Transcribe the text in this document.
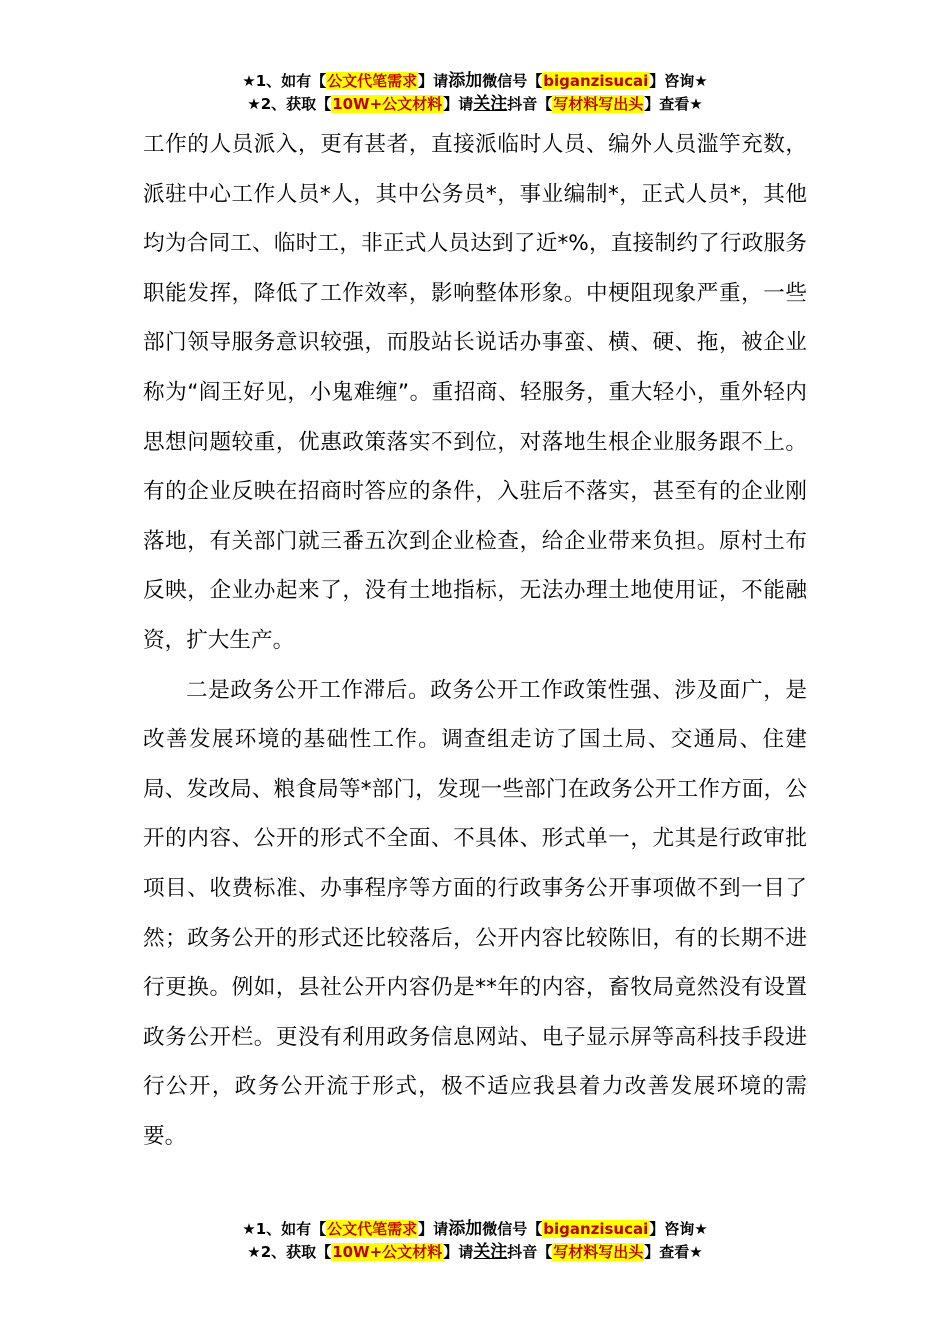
★1、如有【公文代笔需求】请添加微信号【biganzisucai】咨询★
★2、获取【10W+公文材料】请关注抖音【写材料写出头】查看★

工作的人员派入，更有甚者，直接派临时人员、编外人员滥竽充数，派驻中心工作人员*人，其中公务员*，事业编制*，正式人员*，其他均为合同工、临时工，非正式人员达到了近*%，直接制约了行政服务职能发挥，降低了工作效率，影响整体形象。中梗阻现象严重，一些部门领导服务意识较强，而股站长说话办事蛮、横、硬、拖，被企业称为“阎王好见，小鬼难缠”。重招商、轻服务，重大轻小，重外轻内思想问题较重，优惠政策落实不到位，对落地生根企业服务跟不上。有的企业反映在招商时答应的条件，入驻后不落实，甚至有的企业刚落地，有关部门就三番五次到企业检查，给企业带来负担。原村土布反映，企业办起来了，没有土地指标，无法办理土地使用证，不能融资，扩大生产。

二是政务公开工作滞后。政务公开工作政策性强、涉及面广，是改善发展环境的基础性工作。调查组走访了国土局、交通局、住建局、发改局、粮食局等*部门，发现一些部门在政务公开工作方面，公开的内容、公开的形式不全面、不具体、形式单一，尤其是行政审批项目、收费标准、办事程序等方面的行政事务公开事项做不到一目了然；政务公开的形式还比较落后，公开内容比较陈旧，有的长期不进行更换。例如，县社公开内容仍是**年的内容，畜牧局竟然没有设置政务公开栏。更没有利用政务信息网站、电子显示屏等高科技手段进行公开，政务公开流于形式，极不适应我县着力改善发展环境的需要。

★1、如有【公文代笔需求】请添加微信号【biganzisucai】咨询★
★2、获取【10W+公文材料】请关注抖音【写材料写出头】查看★
